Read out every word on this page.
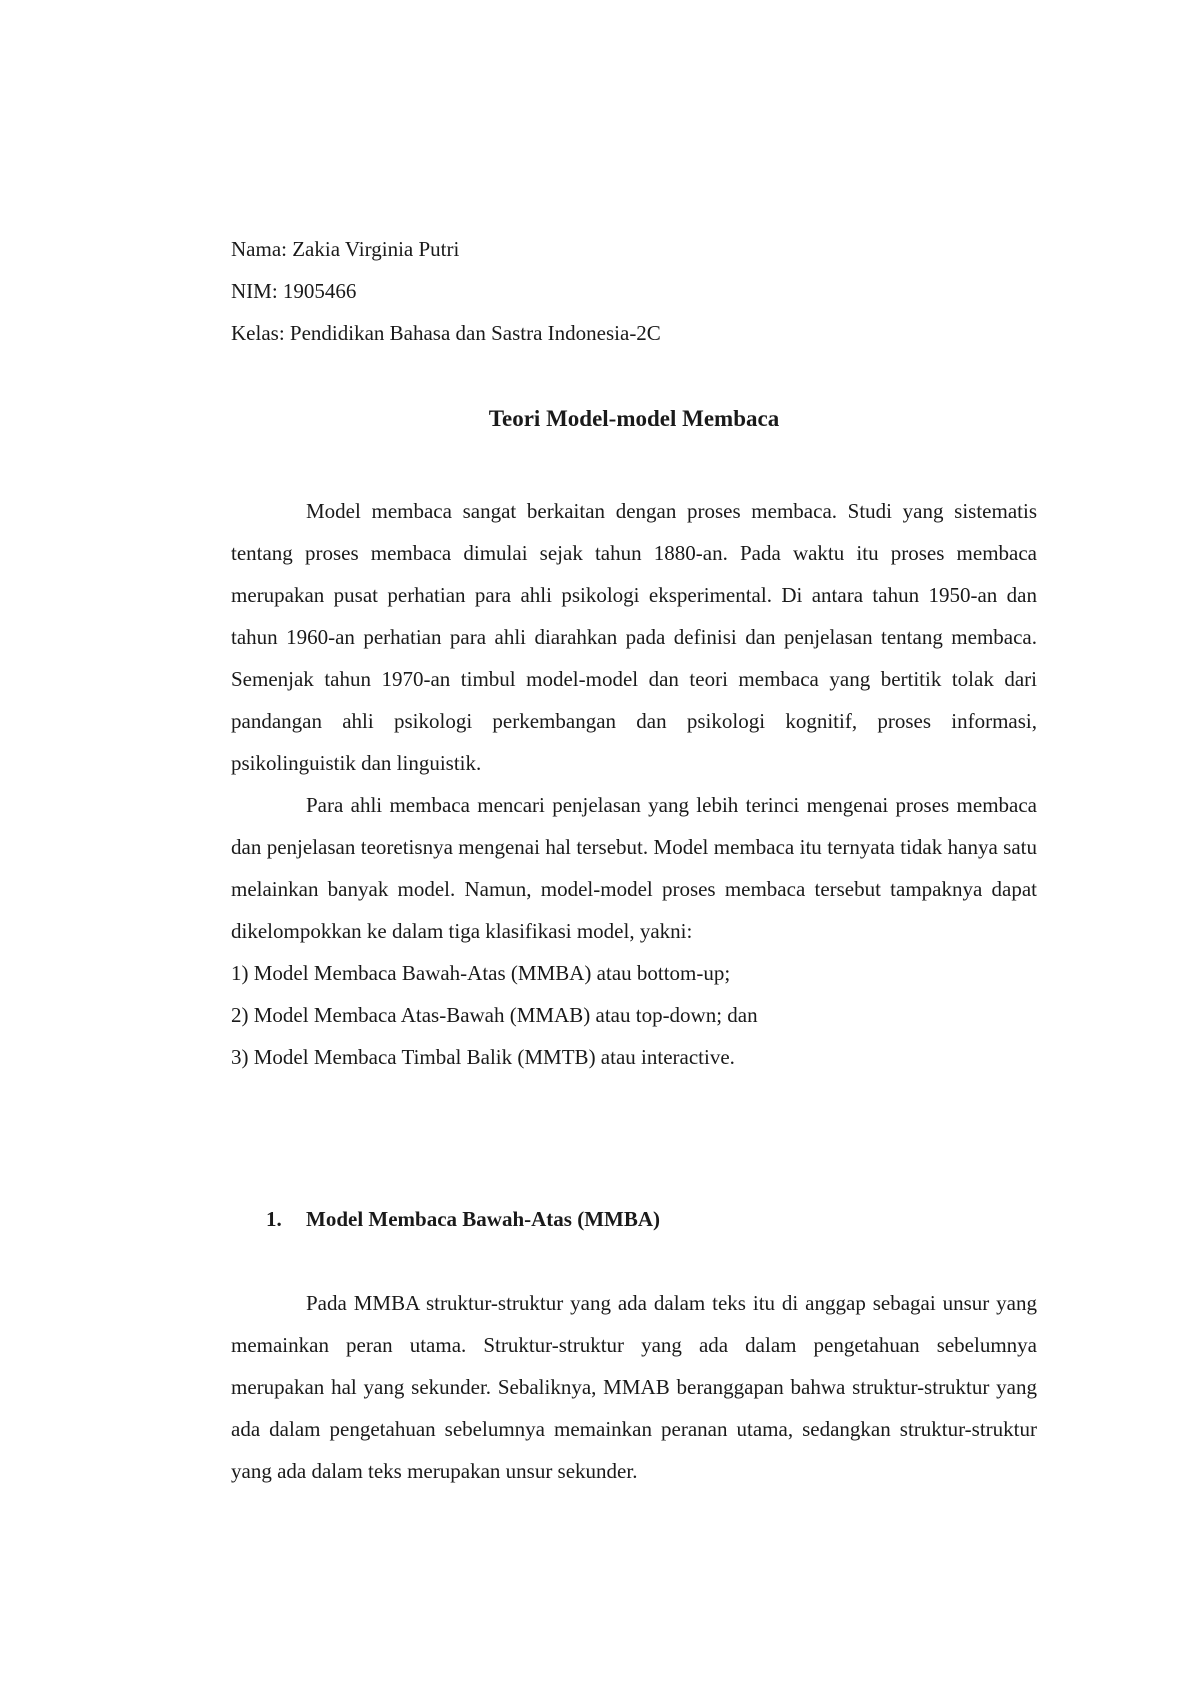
Nama: Zakia Virginia Putri

NIM: 1905466

Kelas: Pendidikan Bahasa dan Sastra Indonesia-2C

Teori Model-model Membaca

Model membaca sangat berkaitan dengan proses membaca. Studi yang sistematis tentang proses membaca dimulai sejak tahun 1880-an. Pada waktu itu proses membaca merupakan pusat perhatian para ahli psikologi eksperimental. Di antara tahun 1950-an dan tahun 1960-an perhatian para ahli diarahkan pada definisi dan penjelasan tentang membaca. Semenjak tahun 1970-an timbul model-model dan teori membaca yang bertitik tolak dari pandangan ahli psikologi perkembangan dan psikologi kognitif, proses informasi, psikolinguistik dan linguistik.

Para ahli membaca mencari penjelasan yang lebih terinci mengenai proses membaca dan penjelasan teoretisnya mengenai hal tersebut. Model membaca itu ternyata tidak hanya satu melainkan banyak model. Namun, model-model proses membaca tersebut tampaknya dapat dikelompokkan ke dalam tiga klasifikasi model, yakni:

1) Model Membaca Bawah-Atas (MMBA) atau bottom-up;

2) Model Membaca Atas-Bawah (MMAB) atau top-down; dan

3) Model Membaca Timbal Balik (MMTB) atau interactive.

1. Model Membaca Bawah-Atas (MMBA)

Pada MMBA struktur-struktur yang ada dalam teks itu di anggap sebagai unsur yang memainkan peran utama. Struktur-struktur yang ada dalam pengetahuan sebelumnya merupakan hal yang sekunder. Sebaliknya, MMAB beranggapan bahwa struktur-struktur yang ada dalam pengetahuan sebelumnya memainkan peranan utama, sedangkan struktur-struktur yang ada dalam teks merupakan unsur sekunder.
